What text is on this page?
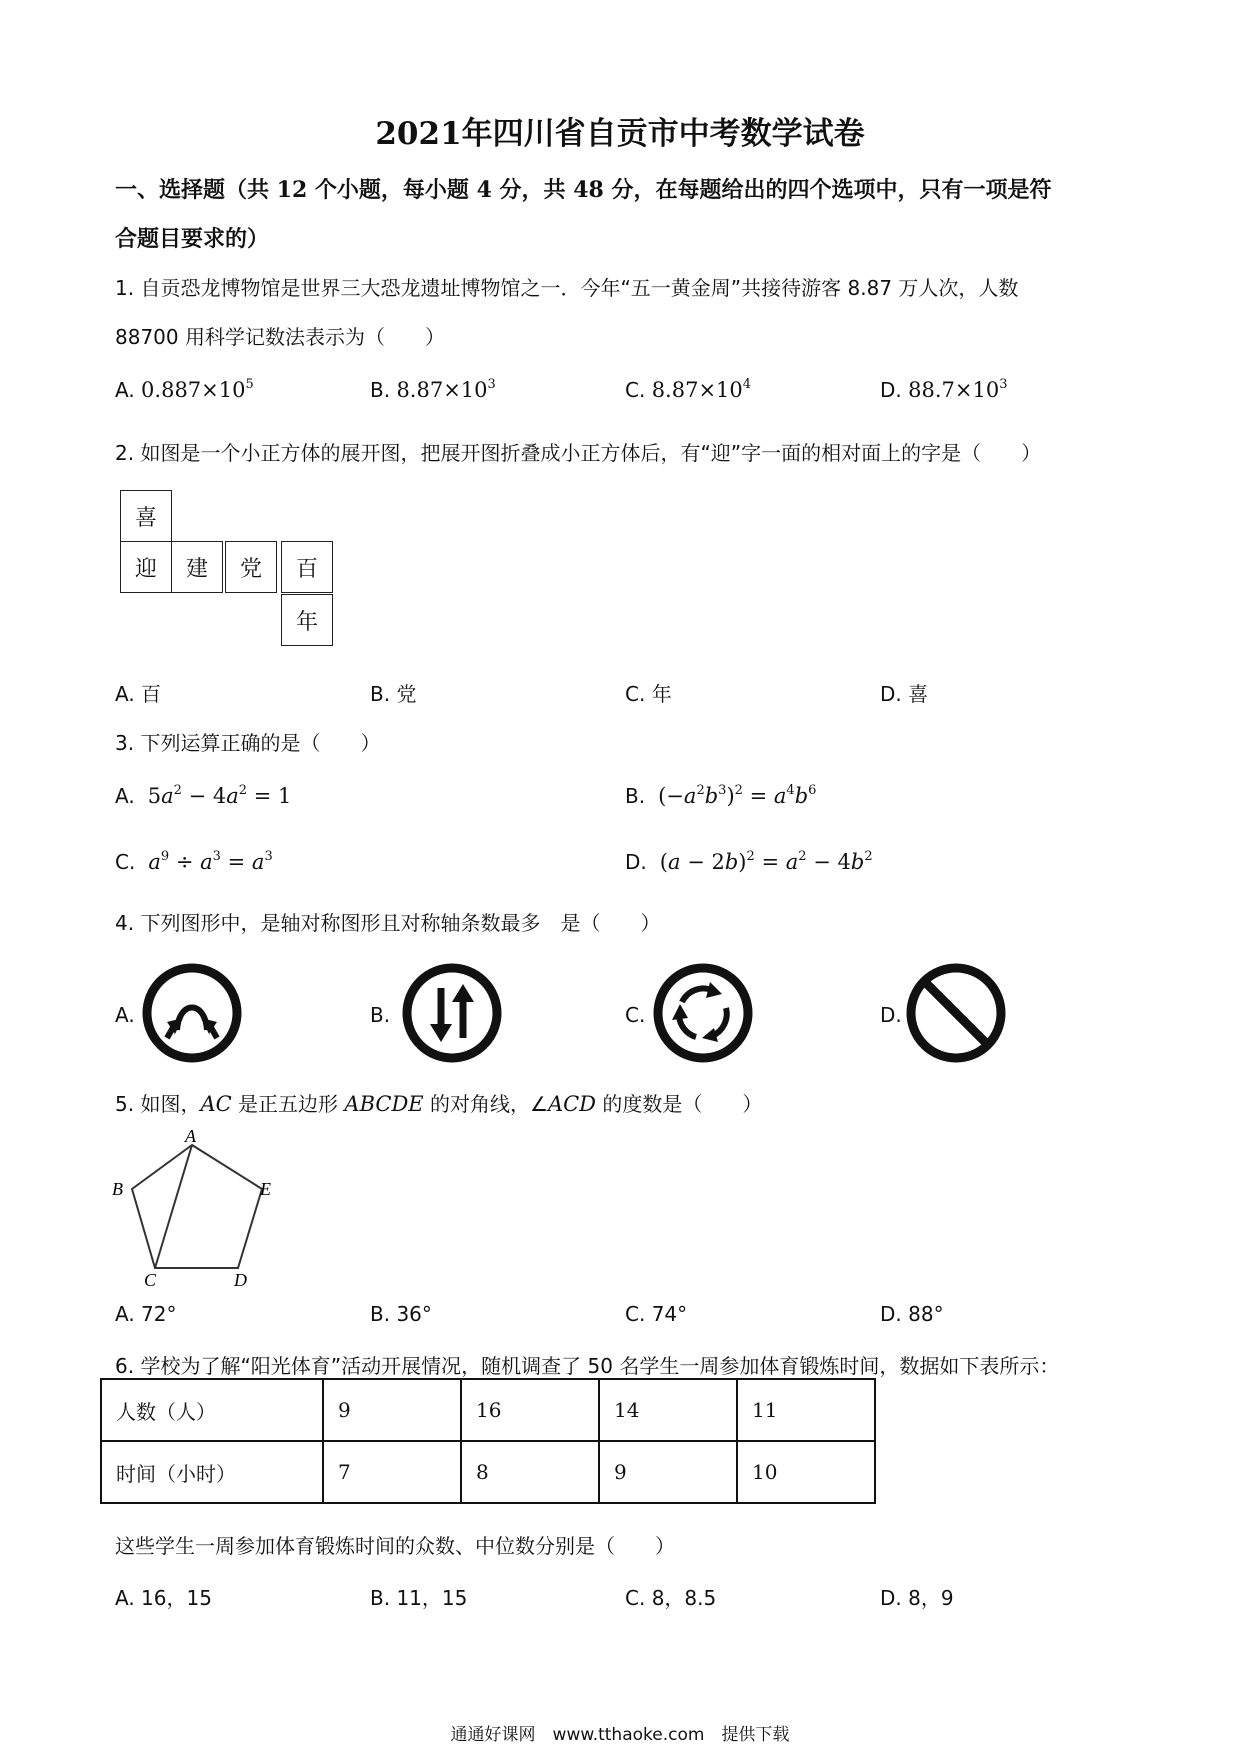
2021年四川省自贡市中考数学试卷
一、选择题（共 12 个小题，每小题 4 分，共 48 分，在每题给出的四个选项中，只有一项是符
合题目要求的）
1. 自贡恐龙博物馆是世界三大恐龙遗址博物馆之一．今年“五一黄金周”共接待游客 8.87 万人次，人数
88700 用科学记数法表示为（　　）
A. $0.887\times 10^5$	B. $8.87\times 10^3$	C. $8.87\times 10^4$	D. $88.7\times 10^3$
2. 如图是一个小正方体的展开图，把展开图折叠成小正方体后，有“迎”字一面的相对面上的字是（　　）
喜
迎	建	党	百
年
A. 百	B. 党	C. 年	D. 喜
3. 下列运算正确的是（　　）
A.  $5a^2 - 4a^2 = 1$	B.  $(-a^2b^3)^2 = a^4b^6$
C. $a^9 \div a^3 = a^3$	D.  $(a - 2b)^2 = a^2 - 4b^2$
4. 下列图形中，是轴对称图形且对称轴条数最多　是（　　）
A.	B.	C.	D.
5. 如图，AC 是正五边形 ABCDE 的对角线，∠ACD 的度数是（　　）
A
B
C	D
E
A. 72°	B. 36°	C. 74°	D. 88°
6. 学校为了解“阳光体育”活动开展情况，随机调查了 50 名学生一周参加体育锻炼时间，数据如下表所示：
人数（人）	9	16	14	11
时间（小时）	7	8	9	10
这些学生一周参加体育锻炼时间的众数、中位数分别是（　　）
A. 16，15	B. 11，15	C. 8，8.5	D. 8，9
通通好课网　www.tthaoke.com　提供下载
